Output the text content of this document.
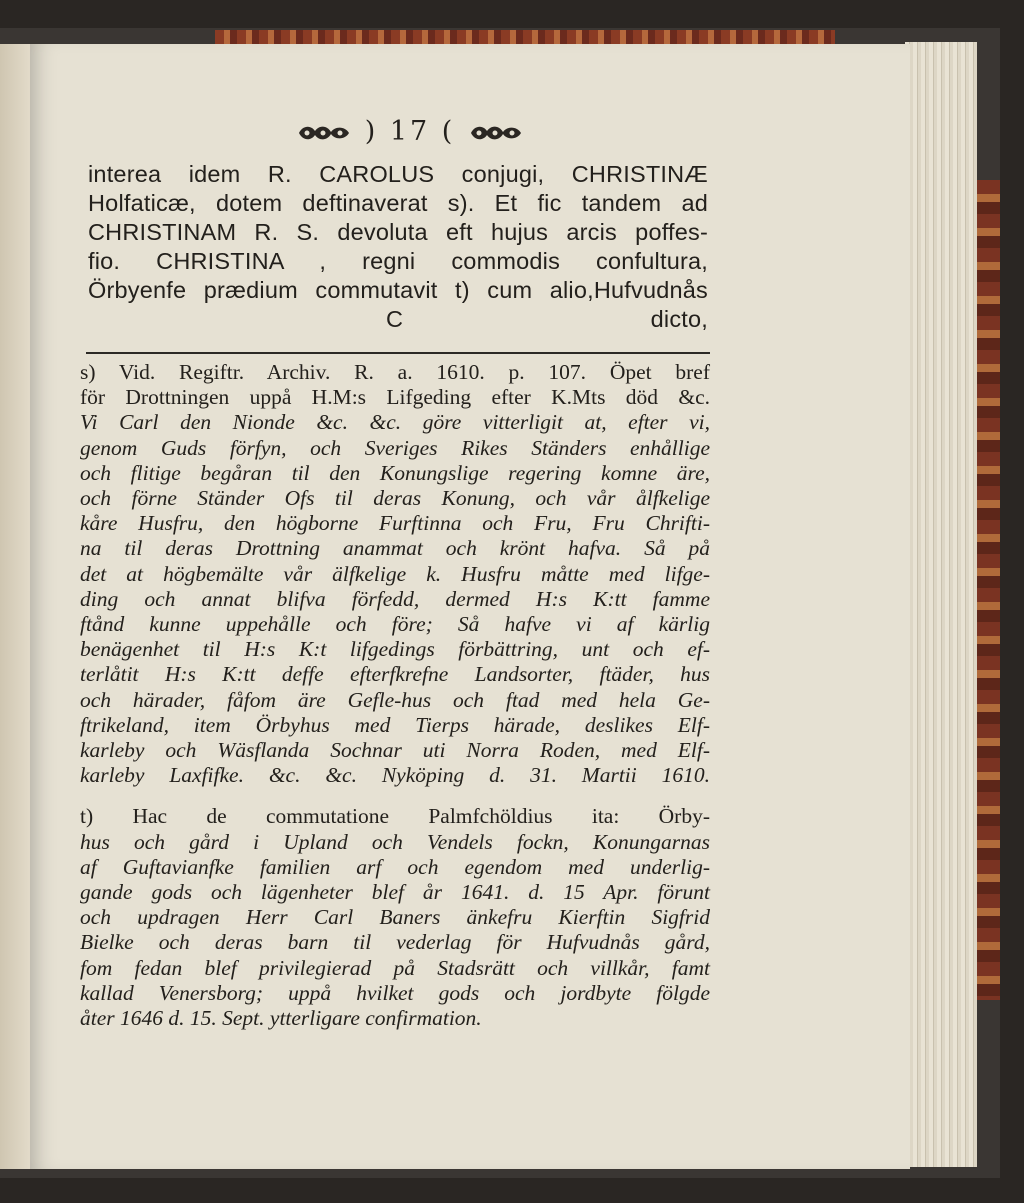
) 17 (
interea idem R. CAROLUS conjugi, CHRISTINÆ
Holfaticæ, dotem deftinaverat s). Et fic tandem ad
CHRISTINAM R. S. devoluta eft hujus arcis poffes-
fio. CHRISTINA , regni commodis confultura,
Örbyenfe prædium commutavit t) cum alio,Hufvudnås
C	dicto,
s) Vid. Regiftr. Archiv. R. a. 1610. p. 107. Öpet bref
för Drottningen uppå H.M:s Lifgeding efter K.Mts död &c.
Vi Carl den Nionde &c. &c. göre vitterligit at, efter vi,
genom Guds förfyn, och Sveriges Rikes Ständers enhållige
och flitige begåran til den Konungslige regering komne äre,
och förne Ständer Ofs til deras Konung, och vår ålfkelige
kåre Husfru, den högborne Furftinna och Fru, Fru Chrifti-
na til deras Drottning anammat och krönt hafva. Så på
det at högbemälte vår älfkelige k. Husfru måtte med lifge-
ding och annat blifva förfedd, dermed H:s K:tt famme
ftånd kunne uppehålle och före; Så hafve vi af kärlig
benägenhet til H:s K:t lifgedings förbättring, unt och ef-
terlåtit H:s K:tt deffe efterfkrefne Landsorter, ftäder, hus
och härader, fåfom äre Gefle-hus och ftad med hela Ge-
ftrikeland, item Örbyhus med Tierps härade, deslikes Elf-
karleby och Wäsflanda Sochnar uti Norra Roden, med Elf-
karleby Laxfifke. &c. &c. Nyköping d. 31. Martii 1610.
t) Hac de commutatione Palmfchöldius ita: Örby-
hus och gård i Upland och Vendels fockn, Konungarnas
af Guftavianfke familien arf och egendom med underlig-
gande gods och lägenheter blef år 1641. d. 15 Apr. förunt
och updragen Herr Carl Baners änkefru Kierftin Sigfrid
Bielke och deras barn til vederlag för Hufvudnås gård,
fom fedan blef privilegierad på Stadsrätt och villkår, famt
kallad Venersborg; uppå hvilket gods och jordbyte fölgde
åter 1646 d. 15. Sept. ytterligare confirmation.
